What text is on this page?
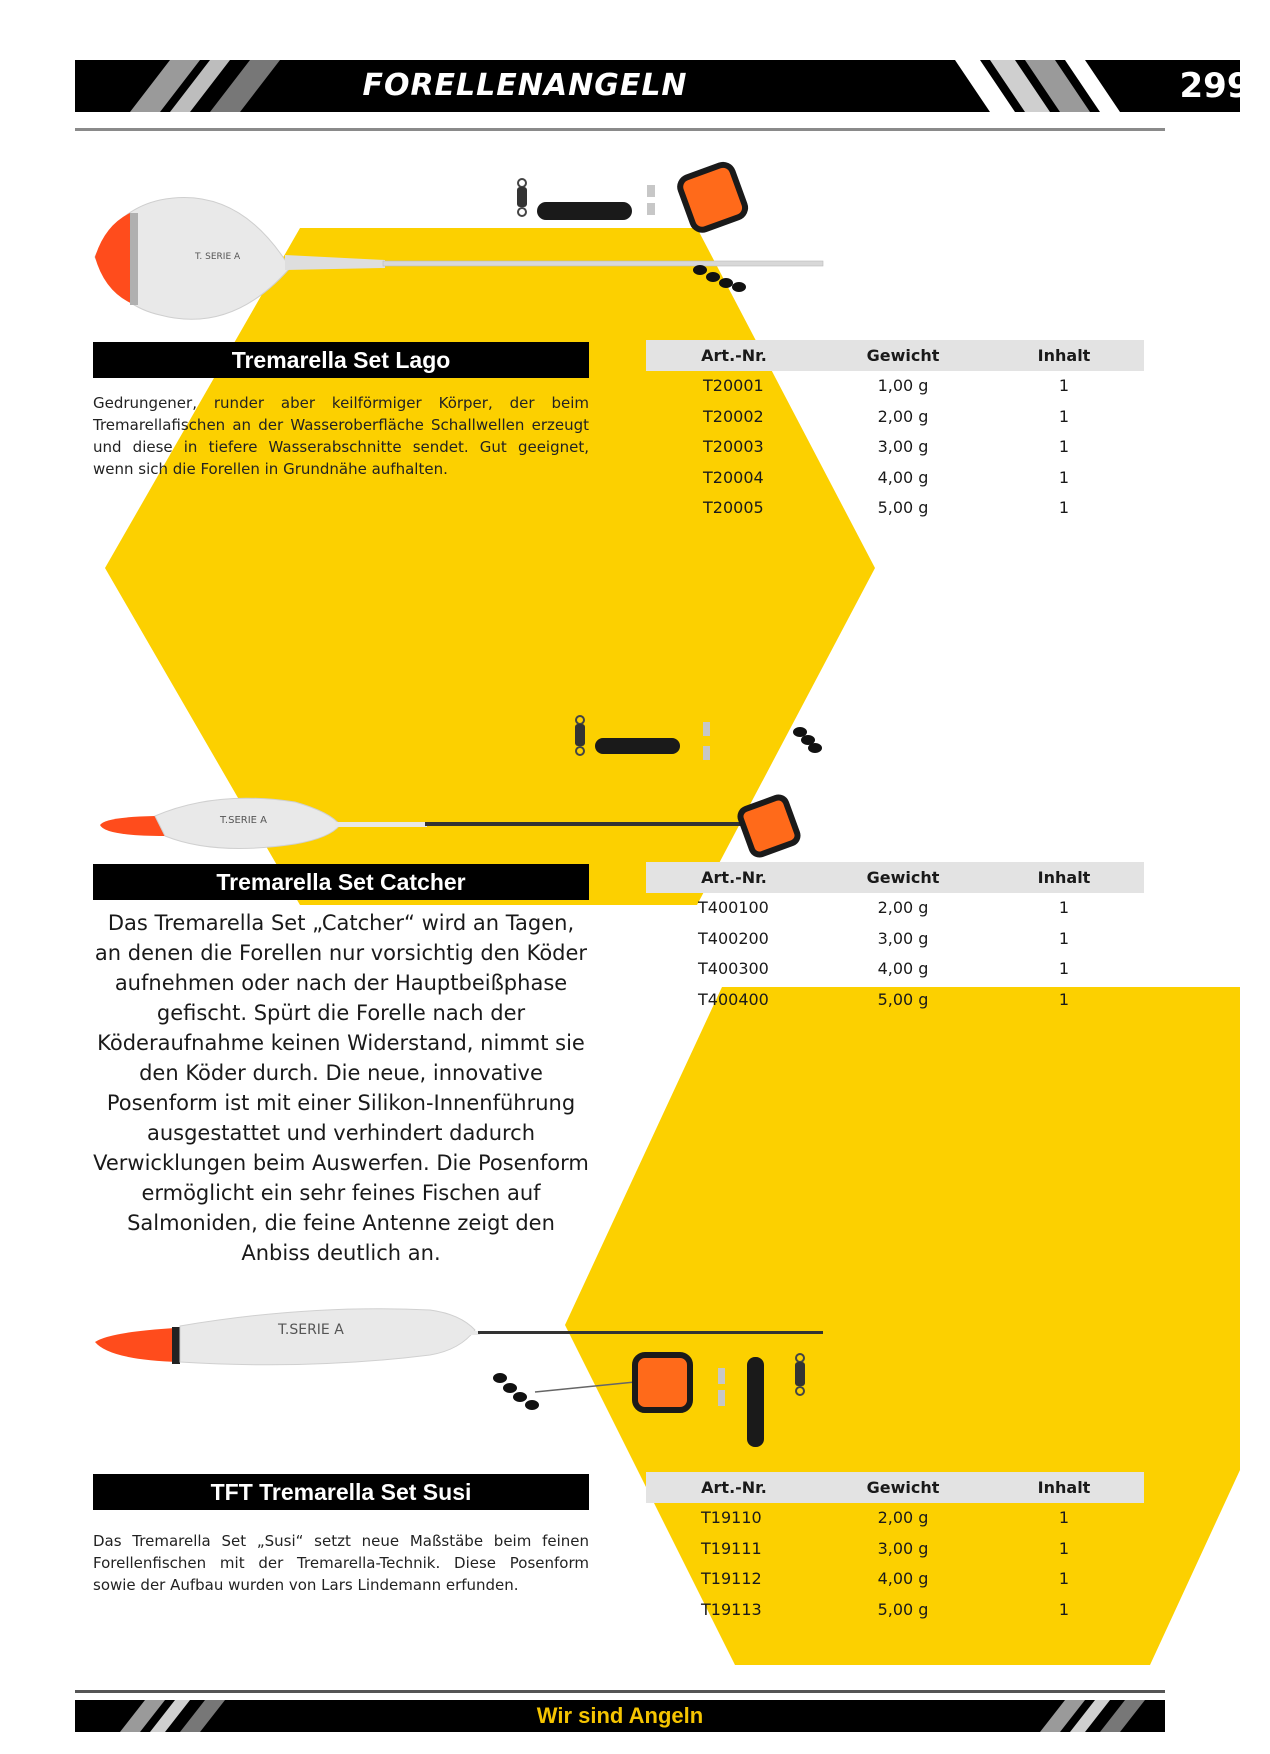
FORELLENANGELN	299
T. SERIE A
Tremarella Set Lago
Gedrungener, runder aber keilförmiger Körper, der beim Tremarellafischen an der Wasseroberfläche Schallwellen erzeugt und diese in tiefere Wasserabschnitte sendet. Gut geeignet, wenn sich die Forellen in Grundnähe aufhalten.
Art.-Nr.	Gewicht	Inhalt
T20001	1,00 g	1
T20002	2,00 g	1
T20003	3,00 g	1
T20004	4,00 g	1
T20005	5,00 g	1
T.SERIE A
Tremarella Set Catcher
Das Tremarella Set „Catcher“ wird an Tagen, an denen die Forellen nur vorsichtig den Köder aufnehmen oder nach der Hauptbeißphase gefischt. Spürt die Forelle nach der Köderaufnahme keinen Widerstand, nimmt sie den Köder durch. Die neue, innovative Posenform ist mit einer Silikon-Innenführung ausgestattet und verhindert dadurch Verwicklungen beim Auswerfen. Die Posenform ermöglicht ein sehr feines Fischen auf Salmoniden, die feine Antenne zeigt den Anbiss deutlich an.
Art.-Nr.	Gewicht	Inhalt
T400100	2,00 g	1
T400200	3,00 g	1
T400300	4,00 g	1
T400400	5,00 g	1
T.SERIE A
TFT Tremarella Set Susi
Das Tremarella Set „Susi“ setzt neue Maßstäbe beim feinen Forellenfischen mit der Tremarella-Technik. Diese Posenform sowie der Aufbau wurden von Lars Lindemann erfunden.
Art.-Nr.	Gewicht	Inhalt
T19110	2,00 g	1
T19111	3,00 g	1
T19112	4,00 g	1
T19113	5,00 g	1
Wir sind Angeln
